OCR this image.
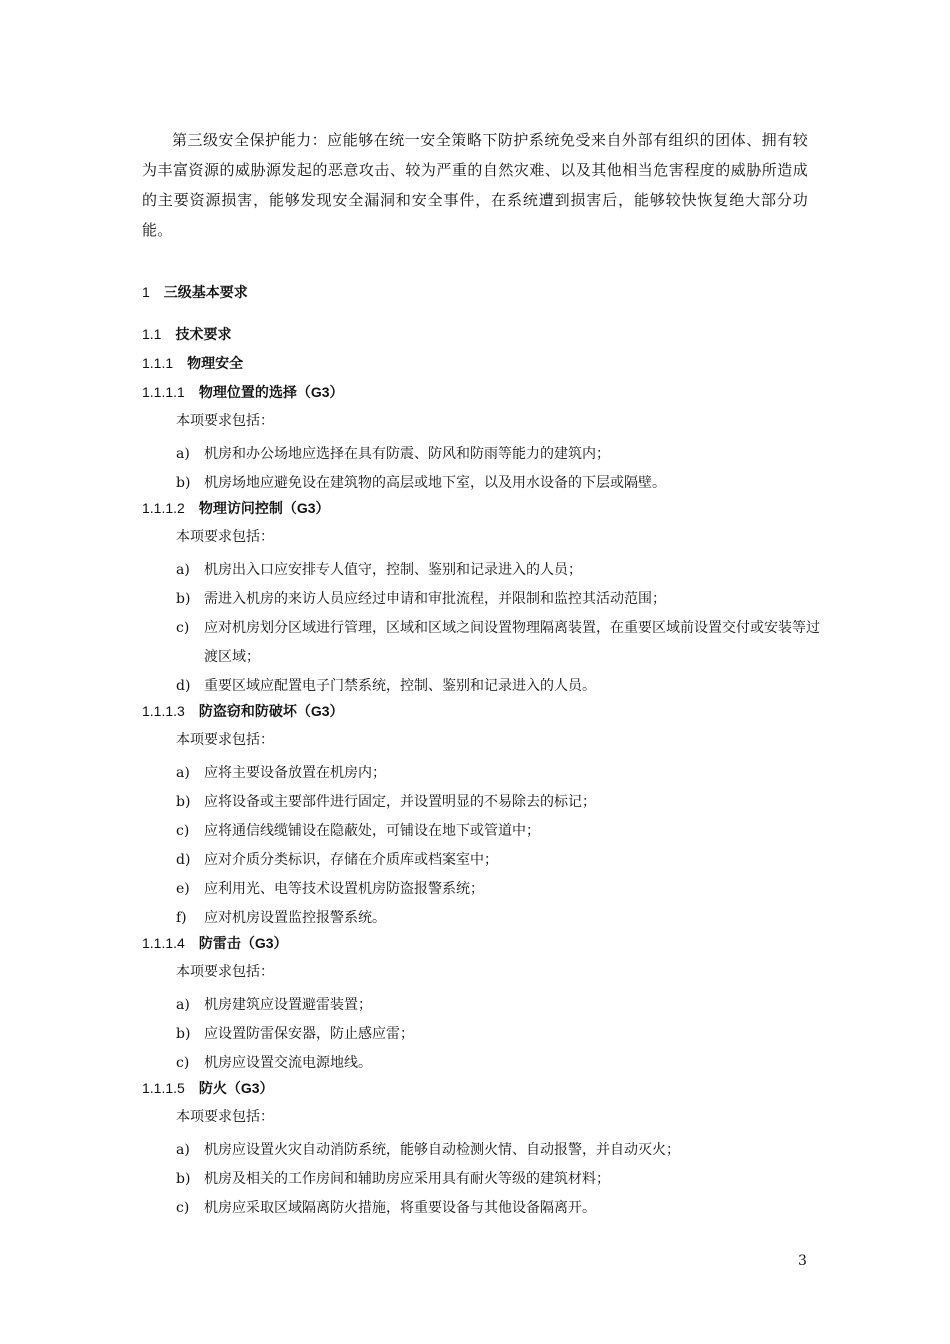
第三级安全保护能力：应能够在统一安全策略下防护系统免受来自外部有组织的团体、拥有较为丰富资源的威胁源发起的恶意攻击、较为严重的自然灾难、以及其他相当危害程度的威胁所造成的主要资源损害，能够发现安全漏洞和安全事件，在系统遭到损害后，能够较快恢复绝大部分功能。

1 三级基本要求
1.1 技术要求
1.1.1 物理安全
1.1.1.1 物理位置的选择（G3）
本项要求包括：
a)	机房和办公场地应选择在具有防震、防风和防雨等能力的建筑内；
b) 机房场地应避免设在建筑物的高层或地下室，以及用水设备的下层或隔壁。
1.1.1.2 物理访问控制（G3）
本项要求包括：
a)	机房出入口应安排专人值守，控制、鉴别和记录进入的人员；
b) 需进入机房的来访人员应经过申请和审批流程，并限制和监控其活动范围；
c)	应对机房划分区域进行管理，区域和区域之间设置物理隔离装置，在重要区域前设置交付或安装等过渡区域；
d) 重要区域应配置电子门禁系统，控制、鉴别和记录进入的人员。
1.1.1.3 防盗窃和防破坏（G3）
本项要求包括：
a)	应将主要设备放置在机房内；
b) 应将设备或主要部件进行固定，并设置明显的不易除去的标记；
c)	应将通信线缆铺设在隐蔽处，可铺设在地下或管道中；
d) 应对介质分类标识，存储在介质库或档案室中；
e)	应利用光、电等技术设置机房防盗报警系统；
f)	应对机房设置监控报警系统。
1.1.1.4 防雷击（G3）
本项要求包括：
a)	机房建筑应设置避雷装置；
b) 应设置防雷保安器，防止感应雷；
c)	机房应设置交流电源地线。
1.1.1.5 防火（G3）
本项要求包括：
a)	机房应设置火灾自动消防系统，能够自动检测火情、自动报警，并自动灭火；
b) 机房及相关的工作房间和辅助房应采用具有耐火等级的建筑材料；
c)	机房应采取区域隔离防火措施，将重要设备与其他设备隔离开。
3
